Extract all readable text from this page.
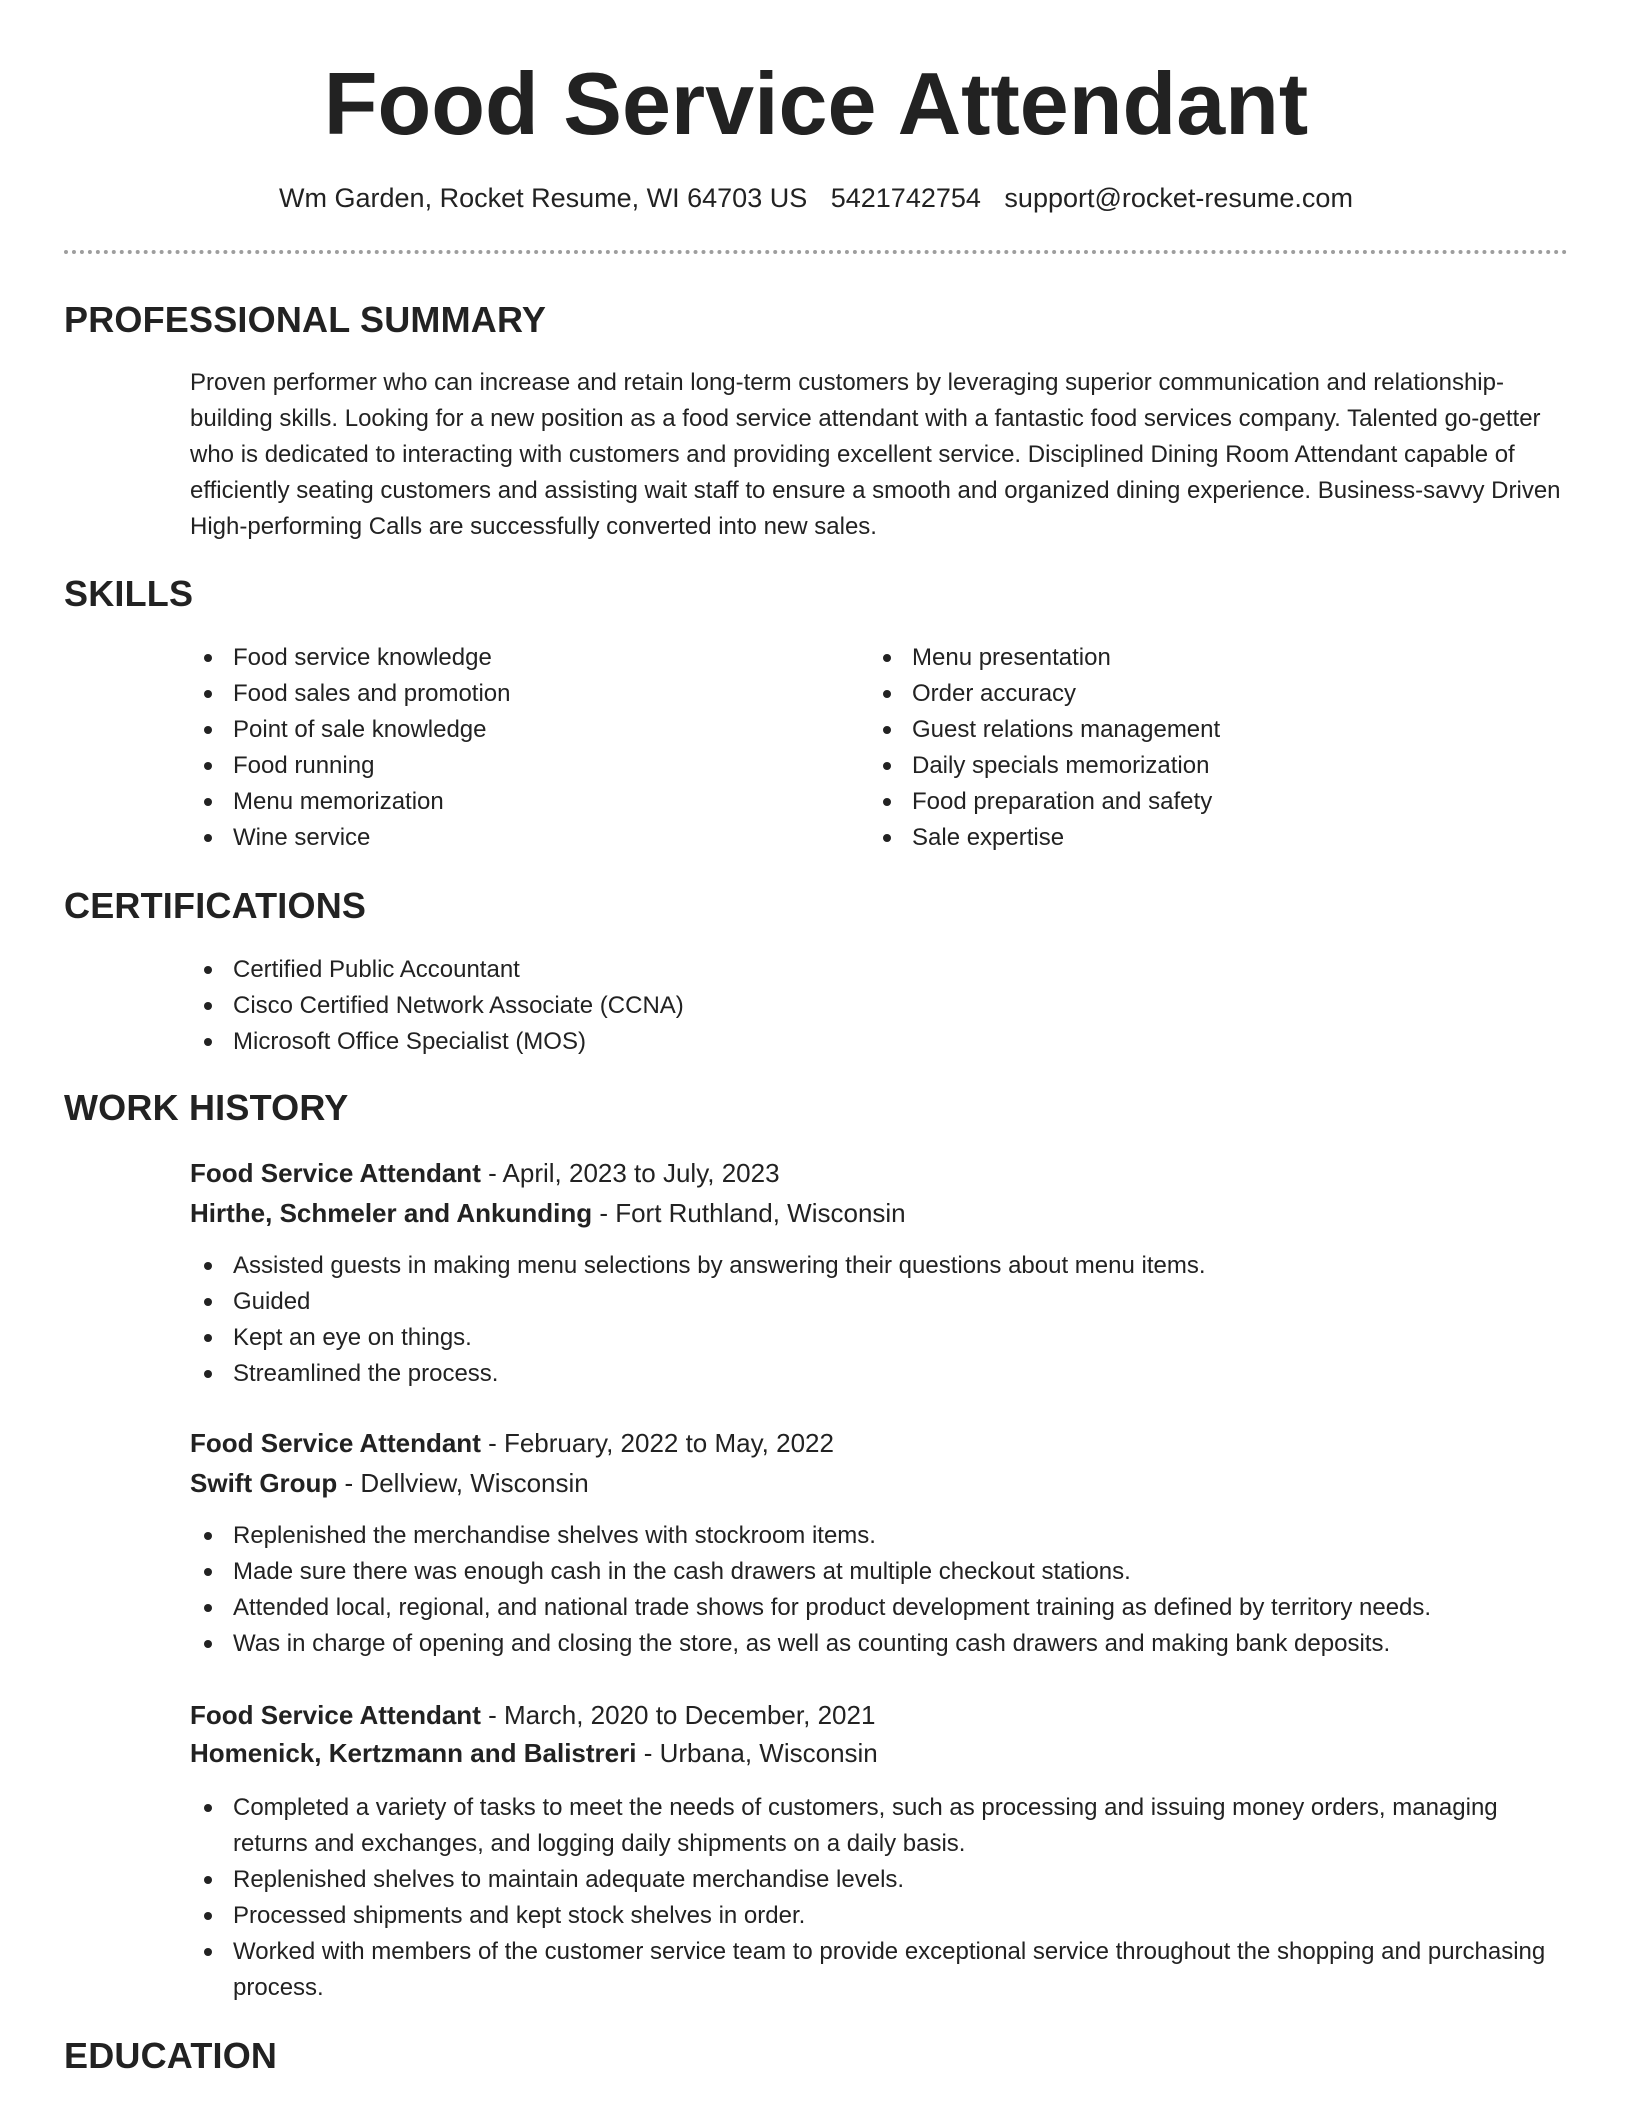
Food Service Attendant
Wm Garden, Rocket Resume, WI 64703 US 5421742754 support@rocket-resume.com
PROFESSIONAL SUMMARY

Proven performer who can increase and retain long-term customers by leveraging superior communication and relationship-building skills. Looking for a new position as a food service attendant with a fantastic food services company. Talented go-getter who is dedicated to interacting with customers and providing excellent service. Disciplined Dining Room Attendant capable of efficiently seating customers and assisting wait staff to ensure a smooth and organized dining experience. Business-savvy Driven High-performing Calls are successfully converted into new sales.

SKILLS
Food service knowledge
Food sales and promotion
Point of sale knowledge
Food running
Menu memorization
Wine service
Menu presentation
Order accuracy
Guest relations management
Daily specials memorization
Food preparation and safety
Sale expertise
CERTIFICATIONS
Certified Public Accountant
Cisco Certified Network Associate (CCNA)
Microsoft Office Specialist (MOS)
WORK HISTORY
Food Service Attendant - April, 2023 to July, 2023
Hirthe, Schmeler and Ankunding - Fort Ruthland, Wisconsin
Assisted guests in making menu selections by answering their questions about menu items.
Guided
Kept an eye on things.
Streamlined the process.
Food Service Attendant - February, 2022 to May, 2022
Swift Group - Dellview, Wisconsin
Replenished the merchandise shelves with stockroom items.
Made sure there was enough cash in the cash drawers at multiple checkout stations.
Attended local, regional, and national trade shows for product development training as defined by territory needs.
Was in charge of opening and closing the store, as well as counting cash drawers and making bank deposits.
Food Service Attendant - March, 2020 to December, 2021
Homenick, Kertzmann and Balistreri - Urbana, Wisconsin
Completed a variety of tasks to meet the needs of customers, such as processing and issuing money orders, managing returns and exchanges, and logging daily shipments on a daily basis.
Replenished shelves to maintain adequate merchandise levels.
Processed shipments and kept stock shelves in order.
Worked with members of the customer service team to provide exceptional service throughout the shopping and purchasing process.
EDUCATION
